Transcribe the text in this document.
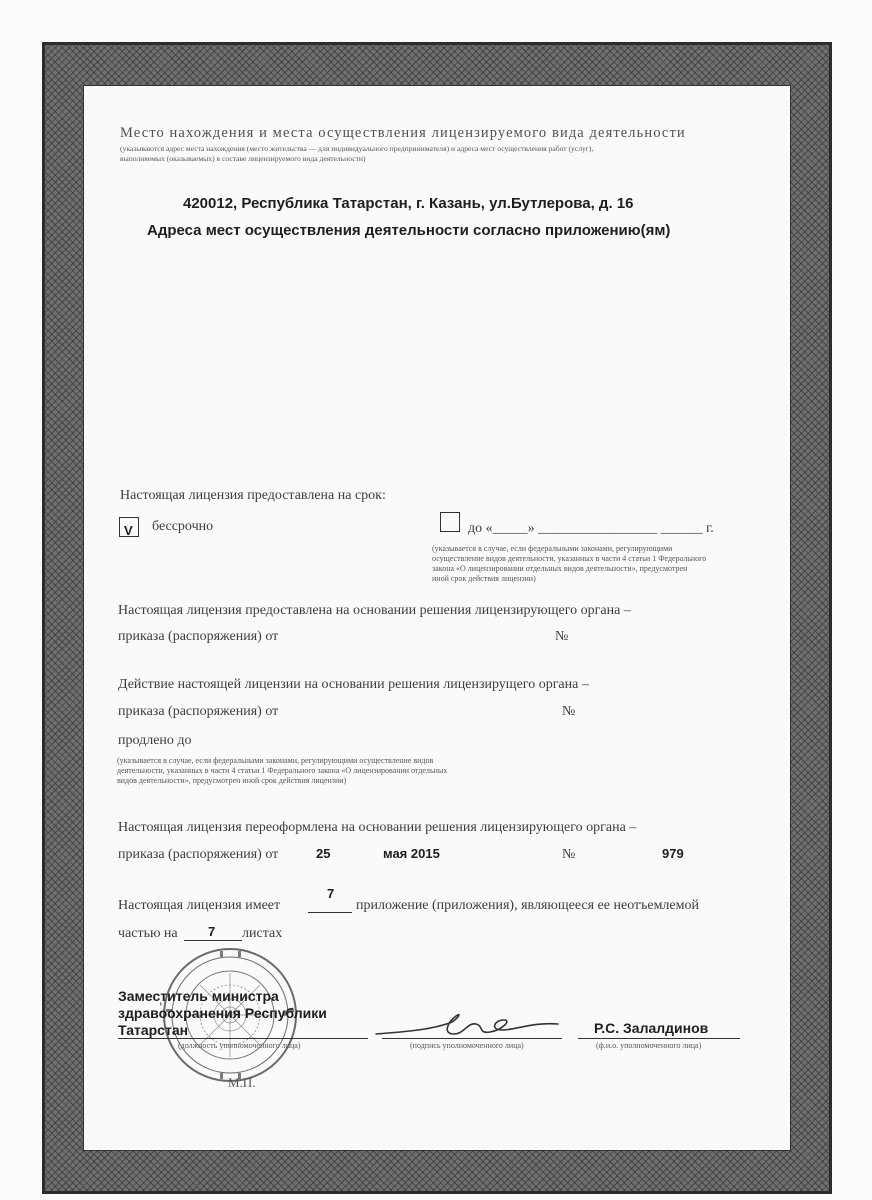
Место нахождения и места осуществления лицензируемого вида деятельности
(указываются адрес места нахождения (место жительства — для индивидуального предпринимателя) и адреса мест осуществления работ (услуг),
выполняемых (оказываемых) в составе лицензируемого вида деятельности)
420012, Республика Татарстан, г. Казань, ул.Бутлерова, д. 16
Адреса мест осуществления деятельности согласно приложению(ям)
Настоящая лицензия предоставлена на срок:
V бессрочно	до «_____» _________________ ______ г.
(указывается в случае, если федеральными законами, регулирующими
осуществление видов деятельности, указанных в части 4 статьи 1 Федерального
закона «О лицензировании отдельных видов деятельности», предусмотрен
иной срок действия лицензии)
Настоящая лицензия предоставлена на основании решения лицензирующего органа –
приказа (распоряжения) от	№
Действие настоящей лицензии на основании решения лицензирущего органа –
приказа (распоряжения) от	№
продлено до
(указывается в случае, если федеральными законами, регулирующими осуществление видов
деятельности, указанных в части 4 статьи 1 Федерального закона «О лицензировании отдельных
видов деятельности», предусмотрен иной срок действия лицензии)
Настоящая лицензия переоформлена на основании решения лицензирующего органа –
приказа (распоряжения) от	25	мая 2015	№	979
Настоящая лицензия имеет
7
приложение (приложения), являющееся ее неотъемлемой
частью на 7 листах
Заместитель министра
здравоохранения Республики
Татарстан
(должность уполномоченного лица)	(подпись уполномоченного лица)
Р.С. Залалдинов
(ф.и.о. уполномоченного лица)
М.П.
